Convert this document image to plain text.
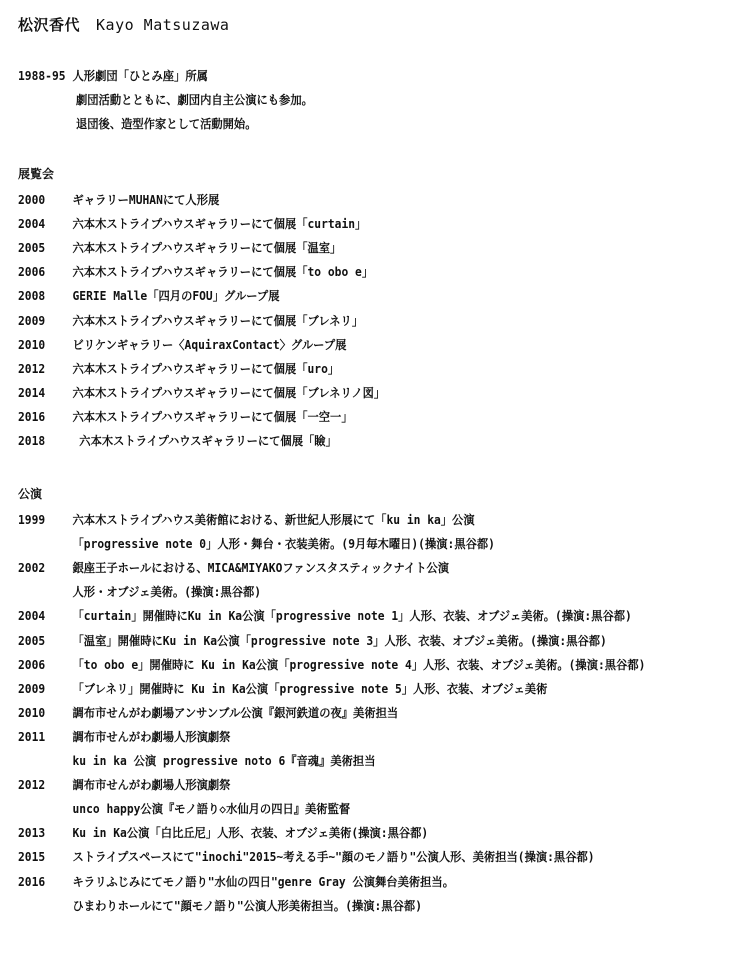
松沢香代 Kayo Matsuzawa
1988-95 人形劇団「ひとみ座」所属
劇団活動とともに、劇団内自主公演にも参加。
退団後、造型作家として活動開始。
展覧会
2000 ギャラリーMUHANにて人形展
2004 六本木ストライプハウスギャラリーにて個展「curtain」
2005 六本木ストライプハウスギャラリーにて個展「温室」
2006 六本木ストライプハウスギャラリーにて個展「to obo e」
2008 GERIE Malle「四月のFOU」グループ展
2009 六本木ストライプハウスギャラリーにて個展「ブレネリ」
2010 ビリケンギャラリー〈AquiraxContact〉グループ展
2012 六本木ストライプハウスギャラリーにて個展「uro」
2014 六本木ストライプハウスギャラリーにて個展「ブレネリノ図」
2016 六本木ストライプハウスギャラリーにて個展「一空一」
2018 六本木ストライプハウスギャラリーにて個展「瞼」
公演
1999 六本木ストライプハウス美術館における、新世紀人形展にて「ku in ka」公演
「progressive note 0」人形・舞台・衣装美術。(9月毎木曜日)(操演:黒谷都)
2002 銀座王子ホールにおける、MICA&MIYAKOファンスタスティックナイト公演
人形・オブジェ美術。(操演:黒谷都)
2004 「curtain」開催時にKu in Ka公演「progressive note 1」人形、衣装、オブジェ美術。(操演:黒谷都)
2005 「温室」開催時にKu in Ka公演「progressive note 3」人形、衣装、オブジェ美術。(操演:黒谷都)
2006 「to obo e」開催時に Ku in Ka公演「progressive note 4」人形、衣装、オブジェ美術。(操演:黒谷都)
2009 「ブレネリ」開催時に Ku in Ka公演「progressive note 5」人形、衣装、オブジェ美術
2010 調布市せんがわ劇場アンサンブル公演『銀河鉄道の夜』美術担当
2011 調布市せんがわ劇場人形演劇祭
ku in ka 公演 progressive noto 6『音魂』美術担当
2012 調布市せんがわ劇場人形演劇祭
unco happy公演『モノ語り◇水仙月の四日』美術監督
2013 Ku in Ka公演「白比丘尼」人形、衣装、オブジェ美術(操演:黒谷都)
2015 ストライプスペースにて"inochi"2015~考える手~"顔のモノ語り"公演人形、美術担当(操演:黒谷都)
2016 キラリふじみにてモノ語り"水仙の四日"genre Gray 公演舞台美術担当。
ひまわりホールにて"顔モノ語り"公演人形美術担当。(操演:黒谷都)
